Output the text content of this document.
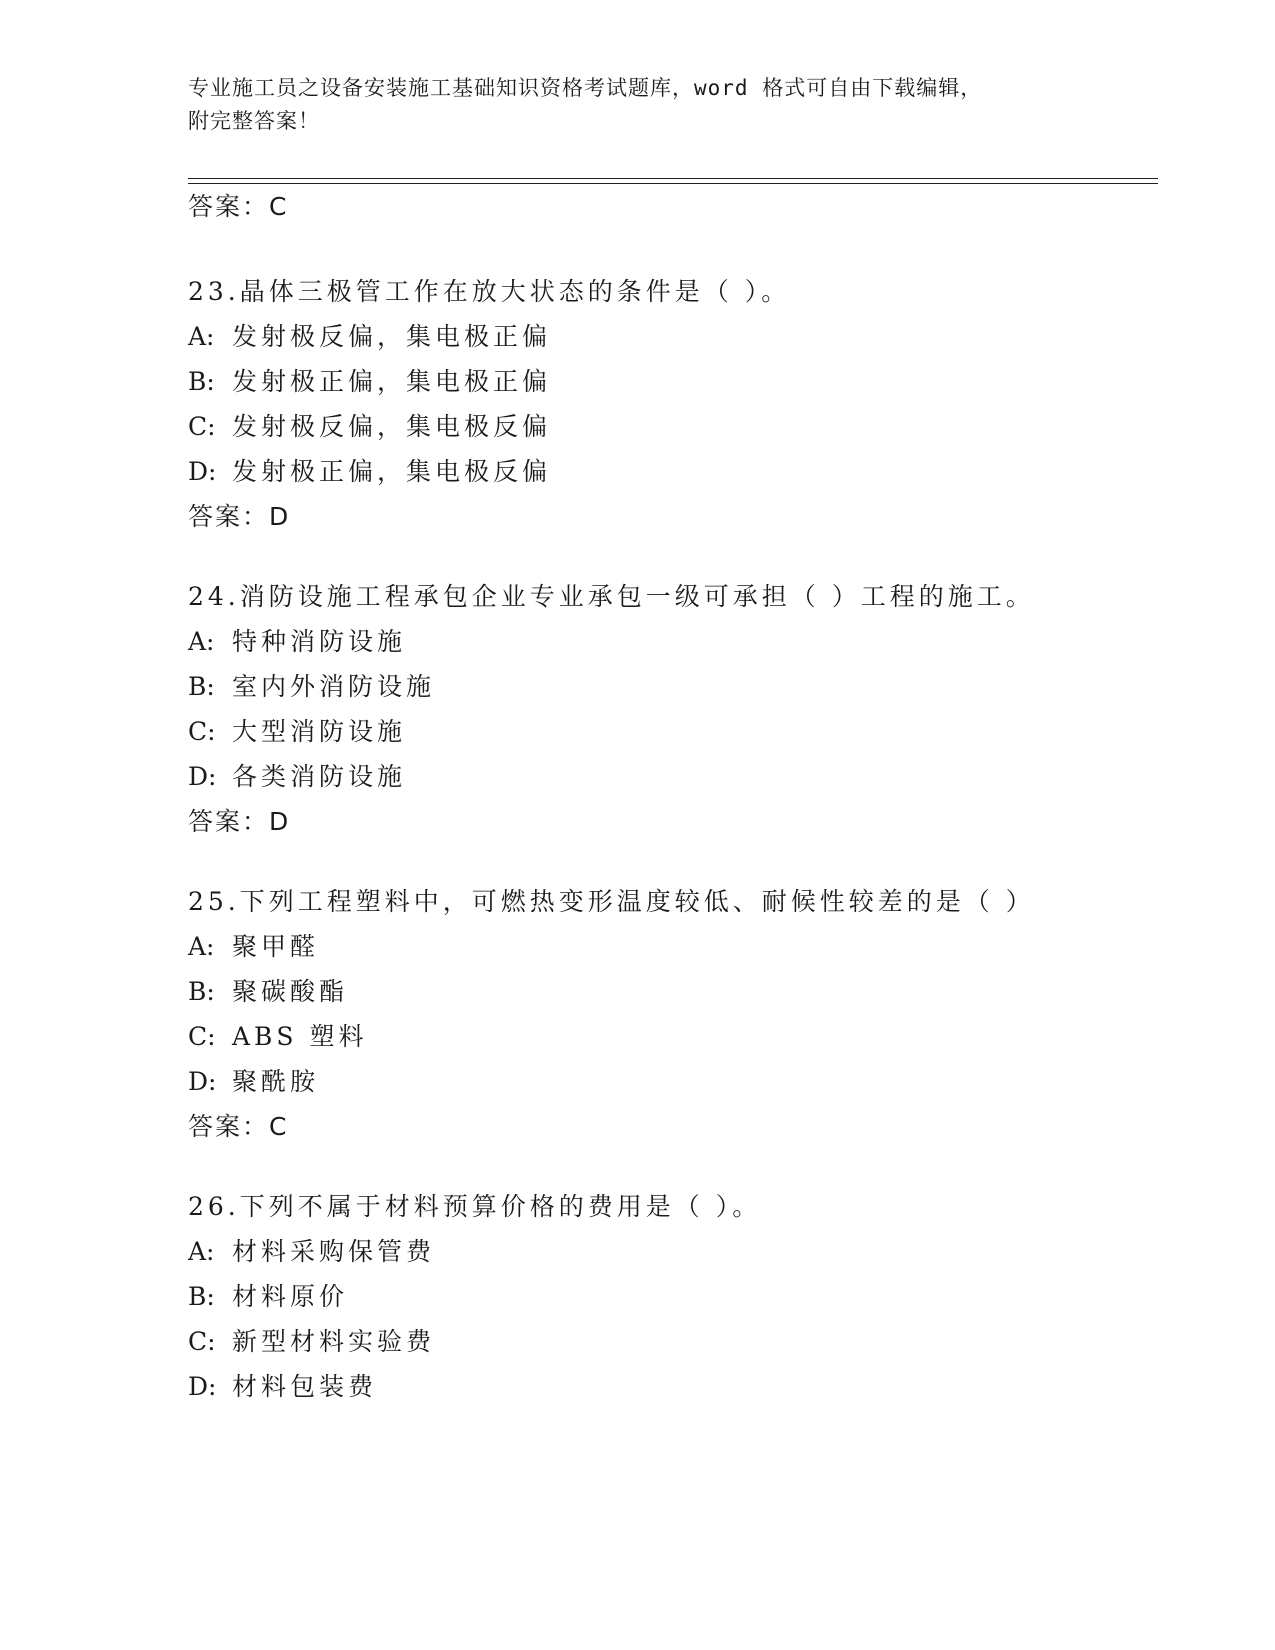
专业施工员之设备安装施工基础知识资格考试题库，word 格式可自由下载编辑，
附完整答案！
答案：C

23.晶体三极管工作在放大状态的条件是（ ）。

A: 发射极反偏，集电极正偏

B: 发射极正偏，集电极正偏

C: 发射极反偏，集电极反偏

D: 发射极正偏，集电极反偏

答案：D

24.消防设施工程承包企业专业承包一级可承担（ ）工程的施工。

A: 特种消防设施

B: 室内外消防设施

C: 大型消防设施

D: 各类消防设施

答案：D

25.下列工程塑料中，可燃热变形温度较低、耐候性较差的是（ ）

A: 聚甲醛

B: 聚碳酸酯

C: ABS 塑料

D: 聚酰胺

答案：C

26.下列不属于材料预算价格的费用是（ ）。

A: 材料采购保管费

B: 材料原价

C: 新型材料实验费

D: 材料包装费
